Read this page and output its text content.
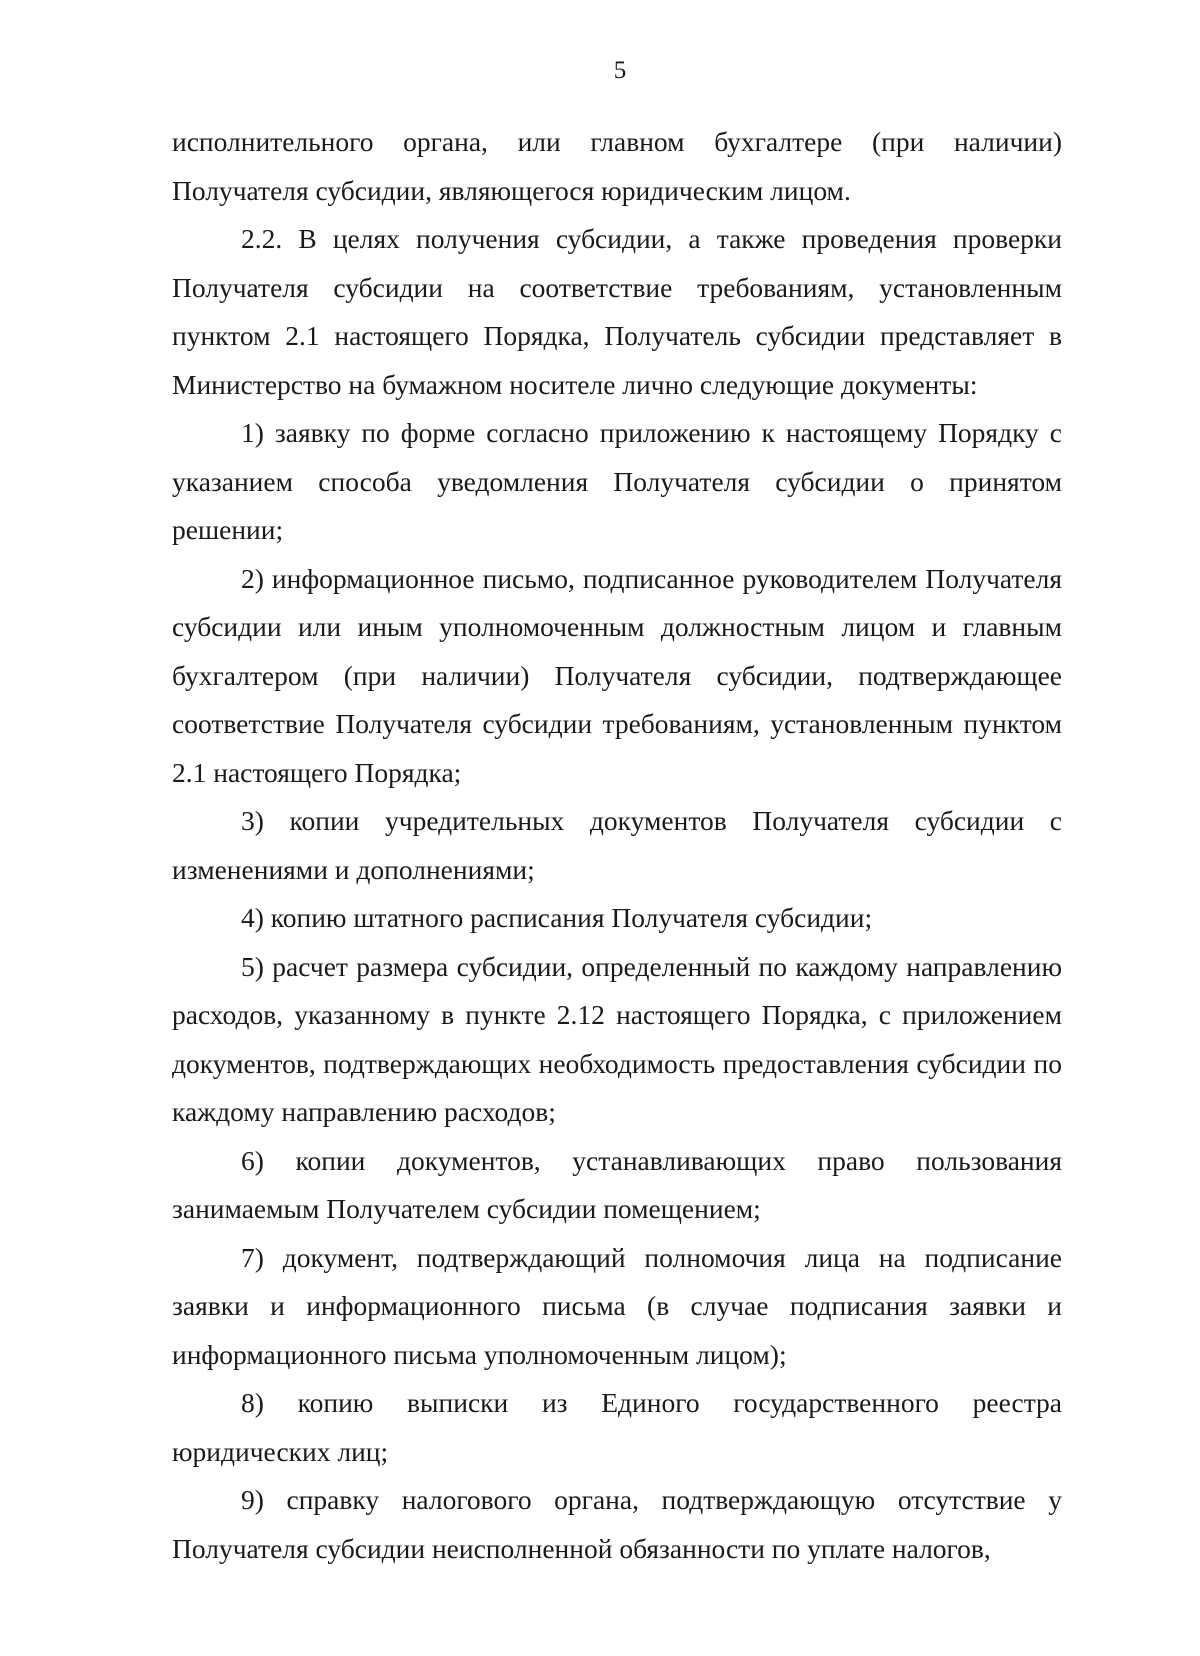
5

исполнительного органа, или главном бухгалтере (при наличии) Получателя субсидии, являющегося юридическим лицом.

2.2. В целях получения субсидии, а также проведения проверки Получателя субсидии на соответствие требованиям, установленным пунктом 2.1 настоящего Порядка, Получатель субсидии представляет в Министерство на бумажном носителе лично следующие документы:

1) заявку по форме согласно приложению к настоящему Порядку с указанием способа уведомления Получателя субсидии о принятом решении;

2) информационное письмо, подписанное руководителем Получателя субсидии или иным уполномоченным должностным лицом и главным бухгалтером (при наличии) Получателя субсидии, подтверждающее соответствие Получателя субсидии требованиям, установленным пунктом 2.1 настоящего Порядка;

3) копии учредительных документов Получателя субсидии с изменениями и дополнениями;

4) копию штатного расписания Получателя субсидии;

5) расчет размера субсидии, определенный по каждому направлению расходов, указанному в пункте 2.12 настоящего Порядка, с приложением документов, подтверждающих необходимость предоставления субсидии по каждому направлению расходов;

6) копии документов, устанавливающих право пользования занимаемым Получателем субсидии помещением;

7) документ, подтверждающий полномочия лица на подписание заявки и информационного письма (в случае подписания заявки и информационного письма уполномоченным лицом);

8) копию выписки из Единого государственного реестра юридических лиц;

9) справку налогового органа, подтверждающую отсутствие у Получателя субсидии неисполненной обязанности по уплате налогов,
